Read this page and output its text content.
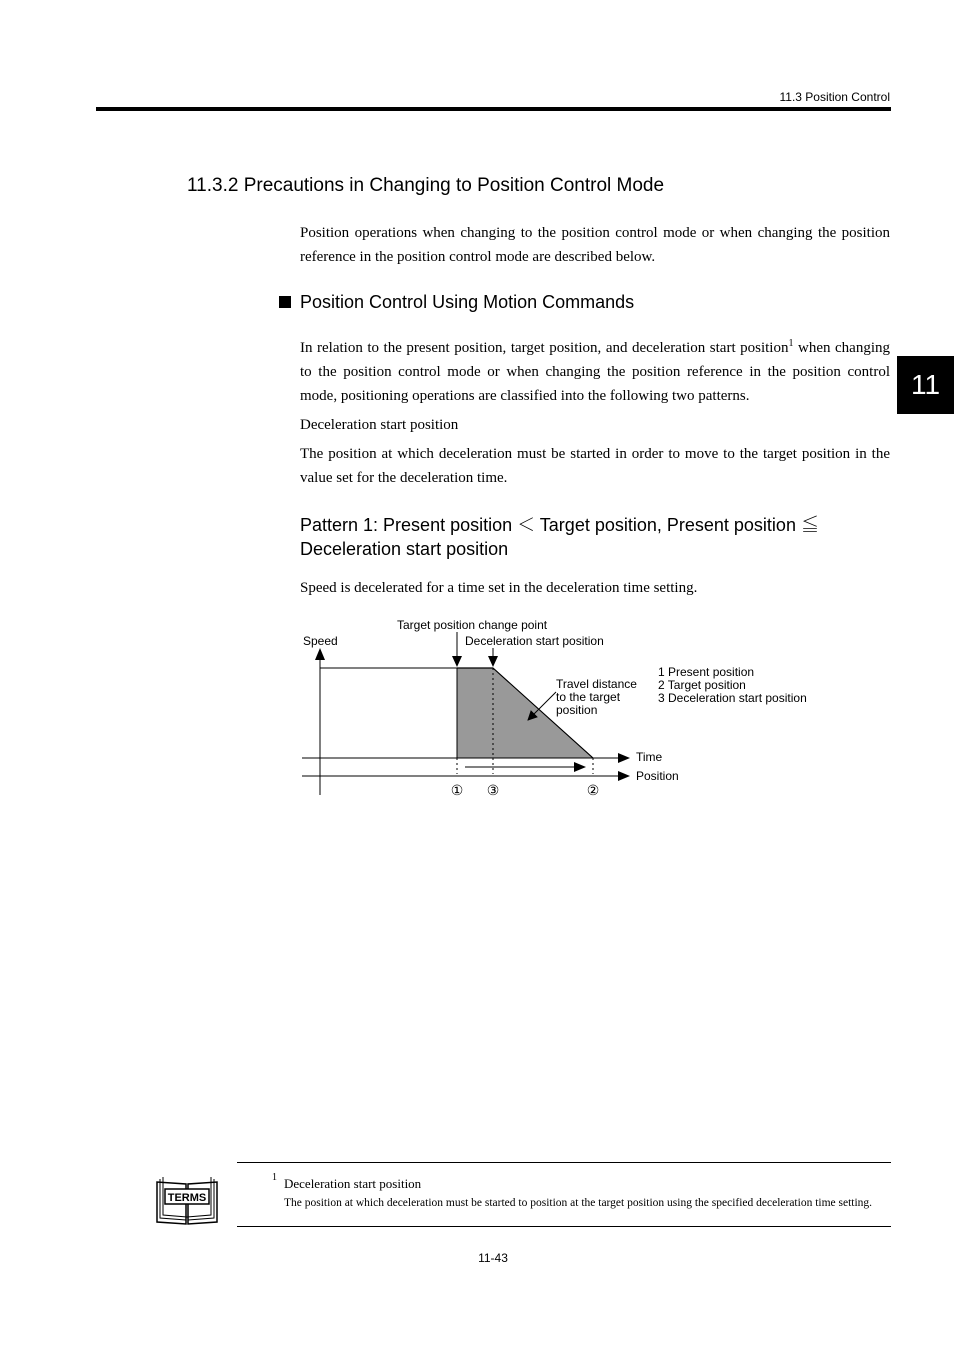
11.3 Position Control
11
11.3.2 Precautions in Changing to Position Control Mode
Position operations when changing to the position control mode or when changing the position reference in the position control mode are described below.
Position Control Using Motion Commands
In relation to the present position, target position, and deceleration start position$^1$ when changing to the position control mode or when changing the position reference in the position control mode, positioning operations are classified into the following two patterns.
Deceleration start position
The position at which deceleration must be started in order to move to the target position in the value set for the deceleration time.
Pattern 1: Present position ＜ Target position, Present position ≦ Deceleration start position
Speed is decelerated for a time set in the deceleration time setting.
Speed
Target position change point
Deceleration start position
Travel distance
to the target
position
1 Present position
2 Target position
3 Deceleration start position
Time
Position
① ③	②
TERMS
1 Deceleration start position
The position at which deceleration must be started to position at the target position using the specified deceleration time setting.
11-43
